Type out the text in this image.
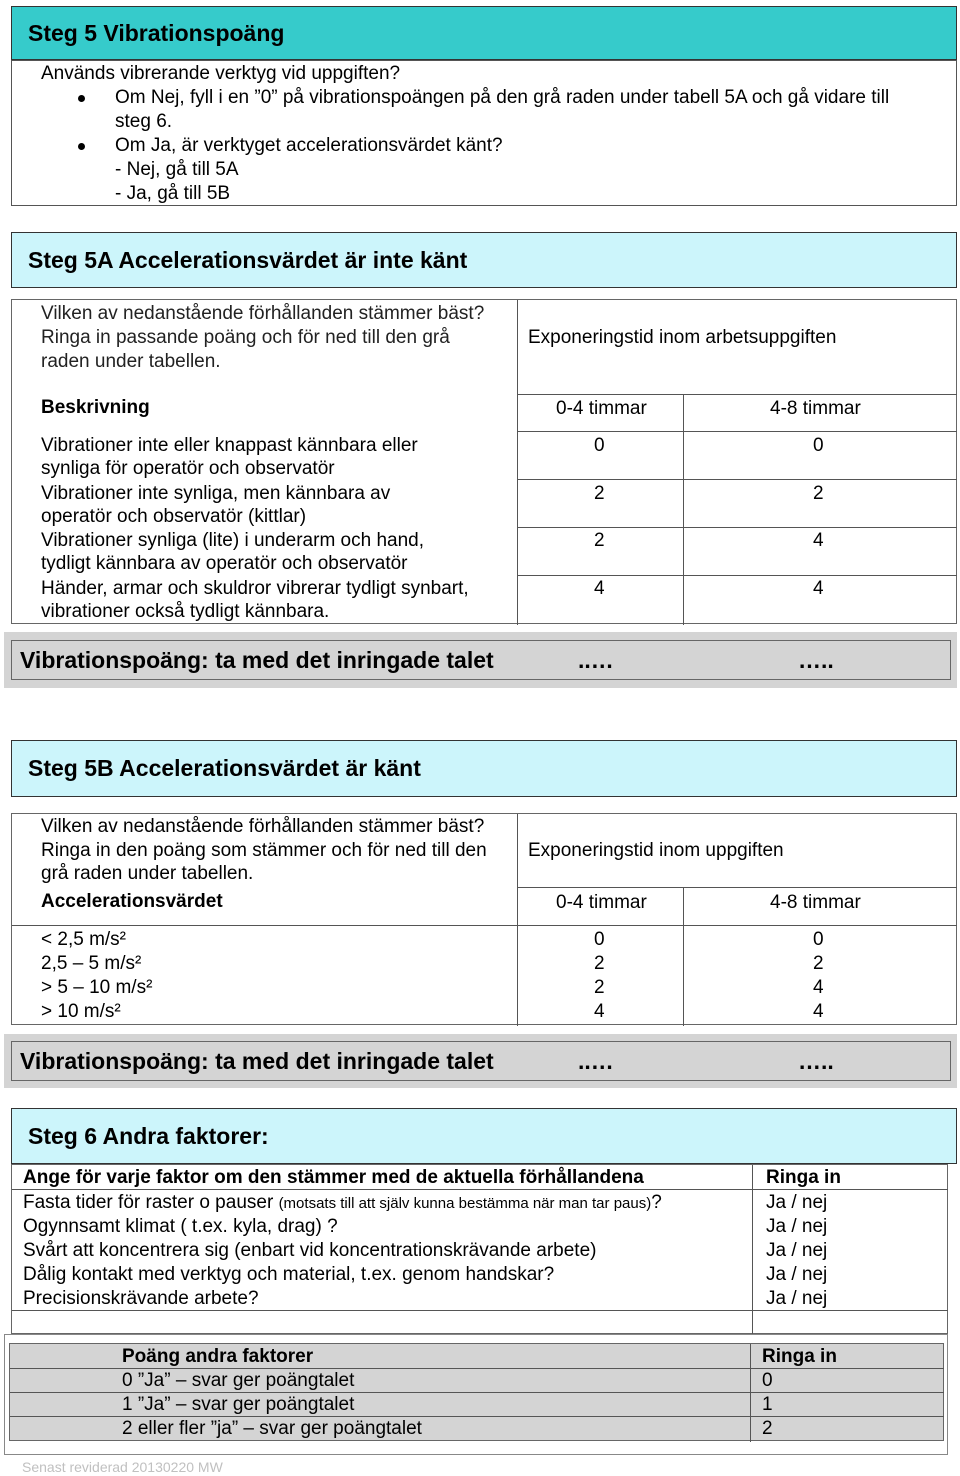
Steg 5 Vibrationspoäng
Används vibrerande verktyg vid uppgiften?
Om Nej, fyll i en ”0” på vibrationspoängen på den grå raden under tabell 5A och gå vidare till
steg 6.
Om Ja, är verktyget accelerationsvärdet känt?
- Nej, gå till 5A
- Ja, gå till 5B
Steg 5A Accelerationsvärdet är inte känt
Vilken av nedanstående förhållanden stämmer bäst?
Ringa in passande poäng och för ned till den grå
raden under tabellen.
Exponeringstid inom arbetsuppgiften
Beskrivning	0-4 timmar	4-8 timmar
Vibrationer inte eller knappast kännbara eller
synliga för operatör och observatör
0	0
Vibrationer inte synliga, men kännbara av
operatör och observatör (kittlar)
2	2
Vibrationer synliga (lite) i underarm och hand,
tydligt kännbara av operatör och observatör
2	4
Händer, armar och skuldror vibrerar tydligt synbart,
vibrationer också tydligt kännbara.
4	4
Vibrationspoäng: ta med det inringade talet	..…	…..
Steg 5B Accelerationsvärdet är känt
Vilken av nedanstående förhållanden stämmer bäst?
Ringa in den poäng som stämmer och för ned till den
grå raden under tabellen.
Exponeringstid inom uppgiften
Accelerationsvärdet	0-4 timmar	4-8 timmar
< 2,5 m/s²	0	0
2,5 – 5 m/s²	2	2
> 5 – 10 m/s²	2	4
> 10 m/s²	4	4
Vibrationspoäng: ta med det inringade talet	..…	…..
Steg 6 Andra faktorer:
Ange för varje faktor om den stämmer med de aktuella förhållandena	Ringa in
Fasta tider för raster o pauser (motsats till att själv kunna bestämma när man tar paus)?	Ja / nej
Ogynnsamt klimat ( t.ex. kyla, drag) ?	Ja / nej
Svårt att koncentrera sig (enbart vid koncentrationskrävande arbete)	Ja / nej
Dålig kontakt med verktyg och material, t.ex. genom handskar?	Ja / nej
Precisionskrävande arbete?	Ja / nej
Poäng andra faktorer	Ringa in
0 ”Ja” – svar ger poängtalet	0
1 ”Ja” – svar ger poängtalet	1
2 eller fler ”ja” – svar ger poängtalet	2
Senast reviderad 20130220 MW
